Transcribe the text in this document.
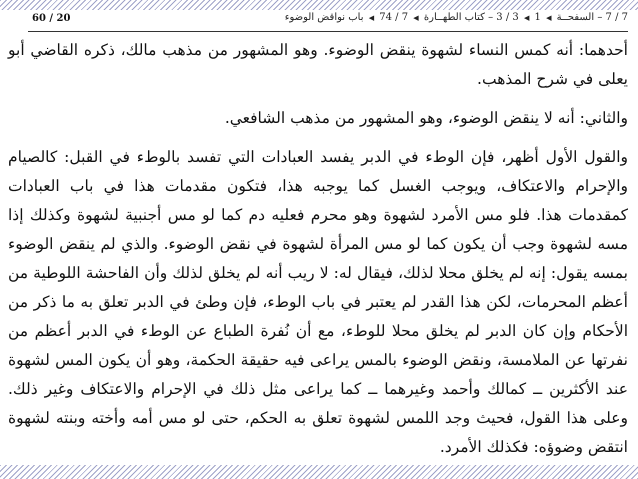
60 / 20	7 / 7 – السفحــة ◀ 1 ◀ 3 / 3 – كتاب الطهــارة ◀ 7 / 74 ◀ باب نواقض الوضوء

أحدهما: أنه كمس النساء لشهوة ينقض الوضوء. وهو المشهور من مذهب مالك، ذكره القاضي أبو يعلى في شرح المذهب.

والثاني: أنه لا ينقض الوضوء، وهو المشهور من مذهب الشافعي.

والقول الأول أظهر، فإن الوطء في الدبر يفسد العبادات التي تفسد بالوطء في القبل: كالصيام والإحرام والاعتكاف، ويوجب الغسل كما يوجبه هذا، فتكون مقدمات هذا في باب العبادات كمقدمات هذا. فلو مس الأمرد لشهوة وهو محرم فعليه دم كما لو مس أجنبية لشهوة وكذلك إذا مسه لشهوة وجب أن يكون كما لو مس المرأة لشهوة في نقض الوضوء. والذي لم ينقض الوضوء بمسه يقول: إنه لم يخلق محلا لذلك، فيقال له: لا ريب أنه لم يخلق لذلك وأن الفاحشة اللوطية من أعظم المحرمات، لكن هذا القدر لم يعتبر في باب الوطء، فإن وطئ في الدبر تعلق به ما ذكر من الأحكام وإن كان الدبر لم يخلق محلا للوطء، مع أن نُفرة الطباع عن الوطء في الدبر أعظم من نفرتها عن الملامسة، ونقض الوضوء بالمس يراعى فيه حقيقة الحكمة، وهو أن يكون المس لشهوة عند الأكثرين ــ كمالك وأحمد وغيرهما ــ كما يراعى مثل ذلك في الإحرام والاعتكاف وغير ذلك. وعلى هذا القول، فحيث وجد اللمس لشهوة تعلق به الحكم، حتى لو مس أمه وأخته وبنته لشهوة انتقض وضوؤه: فكذلك الأمرد.
